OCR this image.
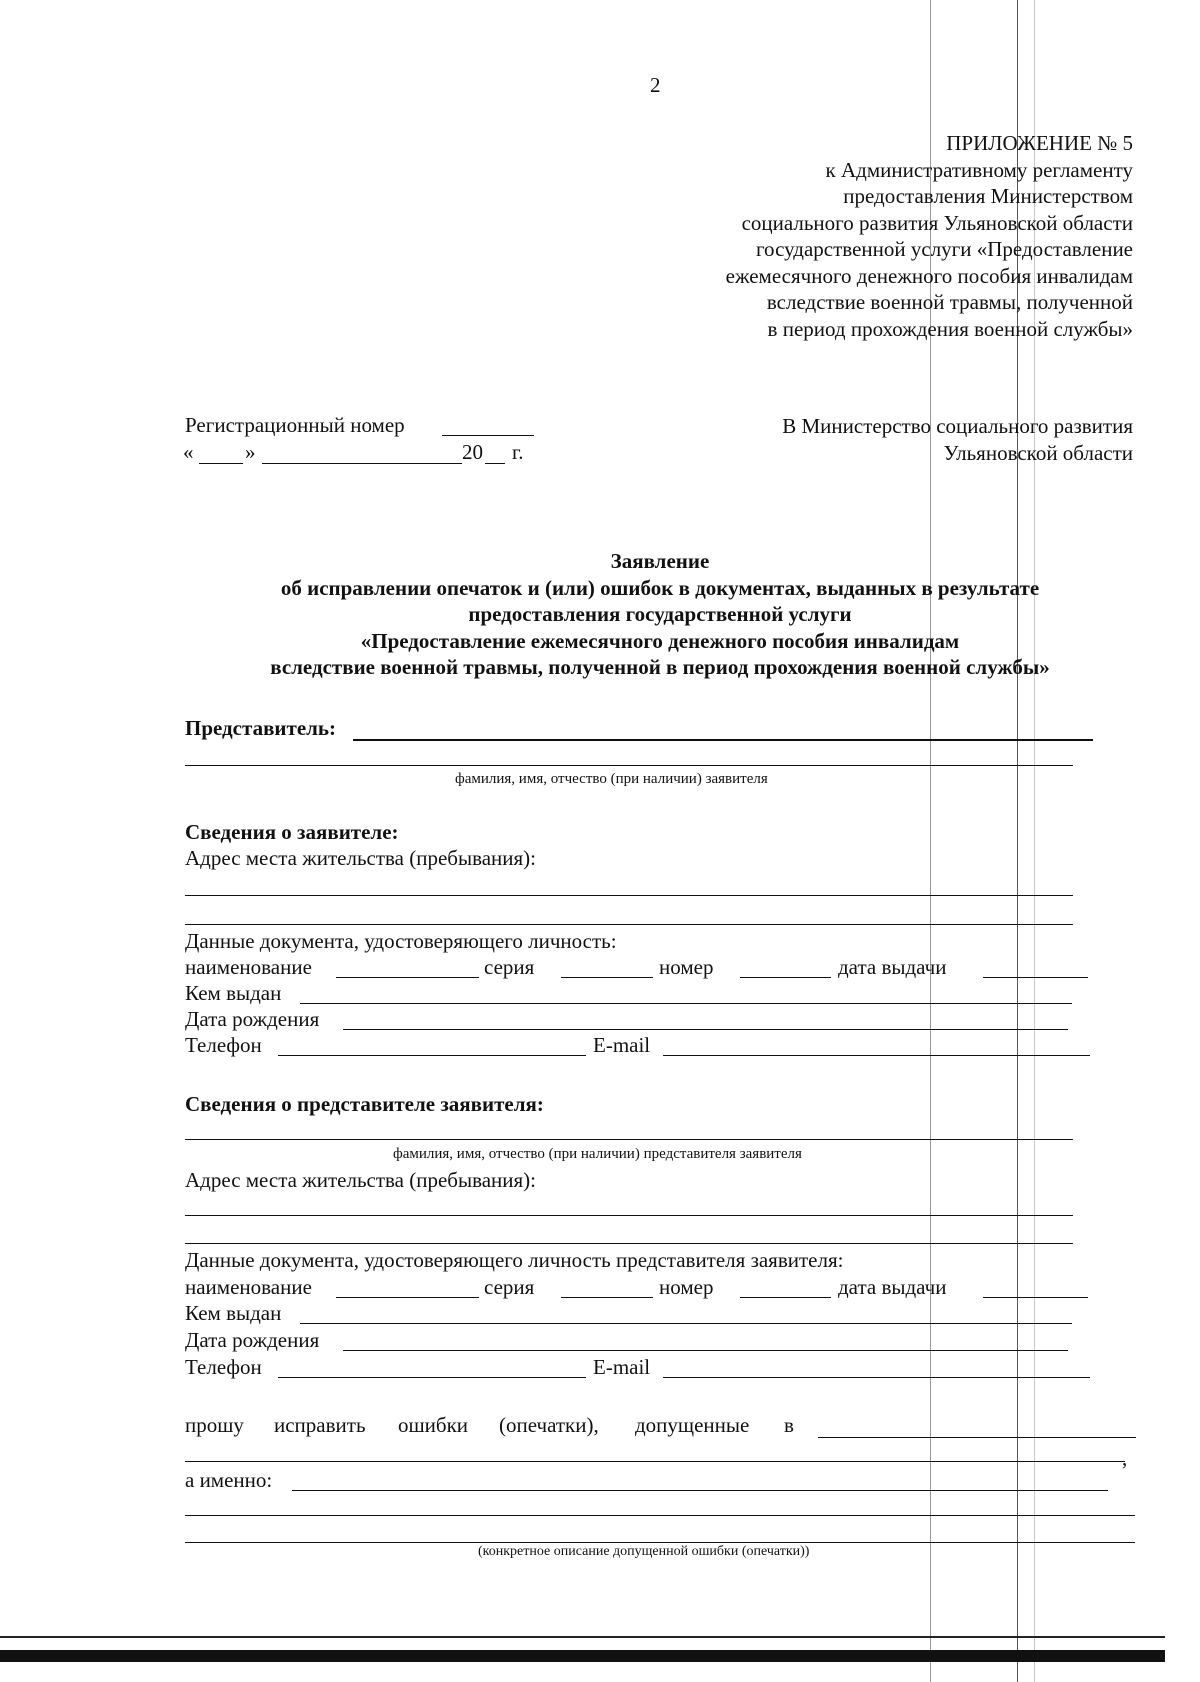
2
ПРИЛОЖЕНИЕ № 5
к Административному регламенту
предоставления Министерством
социального развития Ульяновской области
государственной услуги «Предоставление
ежемесячного денежного пособия инвалидам
вследствие военной травмы, полученной
в период прохождения военной службы»
Регистрационный номер
« »	20 г.
В Министерство социального развития
Ульяновской области
Заявление
об исправлении опечаток и (или) ошибок в документах, выданных в результате
предоставления государственной услуги
«Предоставление ежемесячного денежного пособия инвалидам
вследствие военной травмы, полученной в период прохождения военной службы»
Представитель:
фамилия, имя, отчество (при наличии) заявителя
Сведения о заявителе:
Адрес места жительства (пребывания):
Данные документа, удостоверяющего личность:
наименование	серия	номер	дата выдачи
Кем выдан
Дата рождения
Телефон	E-mail
Сведения о представителе заявителя:
фамилия, имя, отчество (при наличии) представителя заявителя
Адрес места жительства (пребывания):
Данные документа, удостоверяющего личность представителя заявителя:
наименование	серия	номер	дата выдачи
Кем выдан
Дата рождения
Телефон	E-mail
прошу исправить ошибки (опечатки), допущенные в
,
а именно:
(конкретное описание допущенной ошибки (опечатки))
